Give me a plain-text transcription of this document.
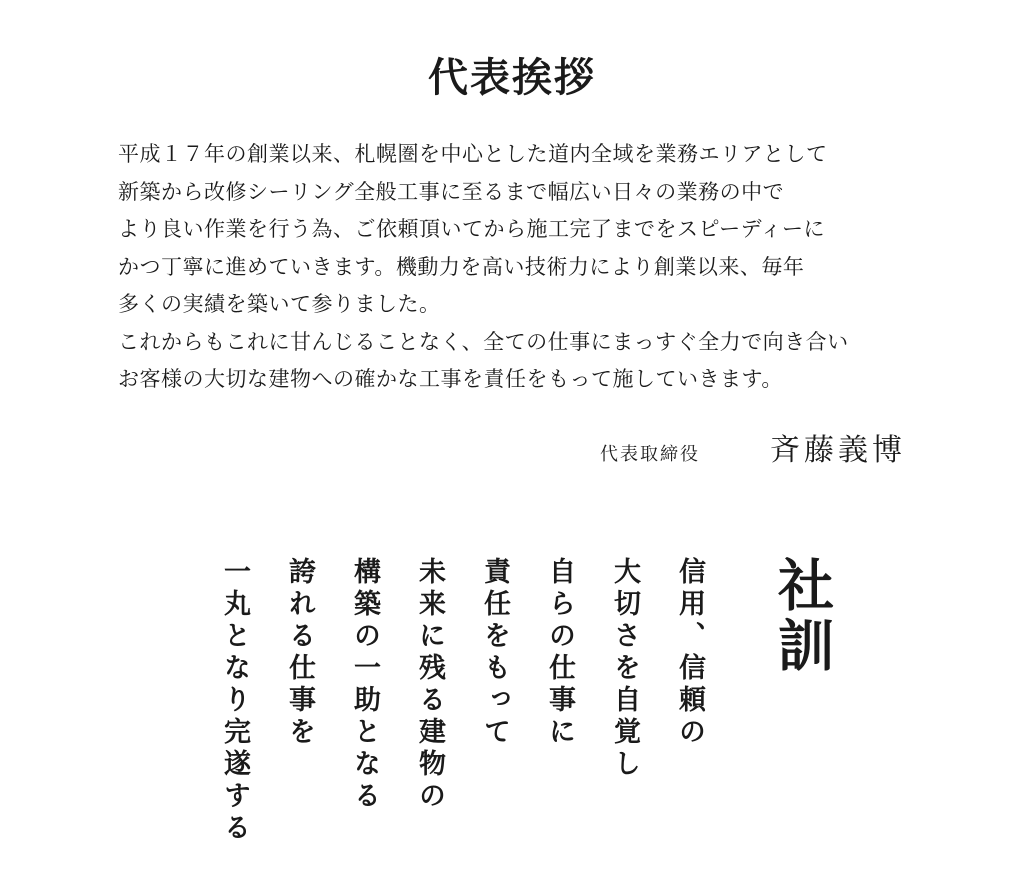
代表挨拶
平成１７年の創業以来、札幌圏を中心とした道内全域を業務エリアとして
新築から改修シーリング全般工事に至るまで幅広い日々の業務の中で
より良い作業を行う為、ご依頼頂いてから施工完了までをスピーディーに
かつ丁寧に進めていきます。機動力を高い技術力により創業以来、毎年
多くの実績を築いて参りました。
これからもこれに甘んじることなく、全ての仕事にまっすぐ全力で向き合い
お客様の大切な建物への確かな工事を責任をもって施していきます。
代表取締役 斉藤義博
社訓
信用、信頼の
大切さを自覚し
自らの仕事に
責任をもって
未来に残る建物の
構築の一助となる
誇れる仕事を
一丸となり完遂する
